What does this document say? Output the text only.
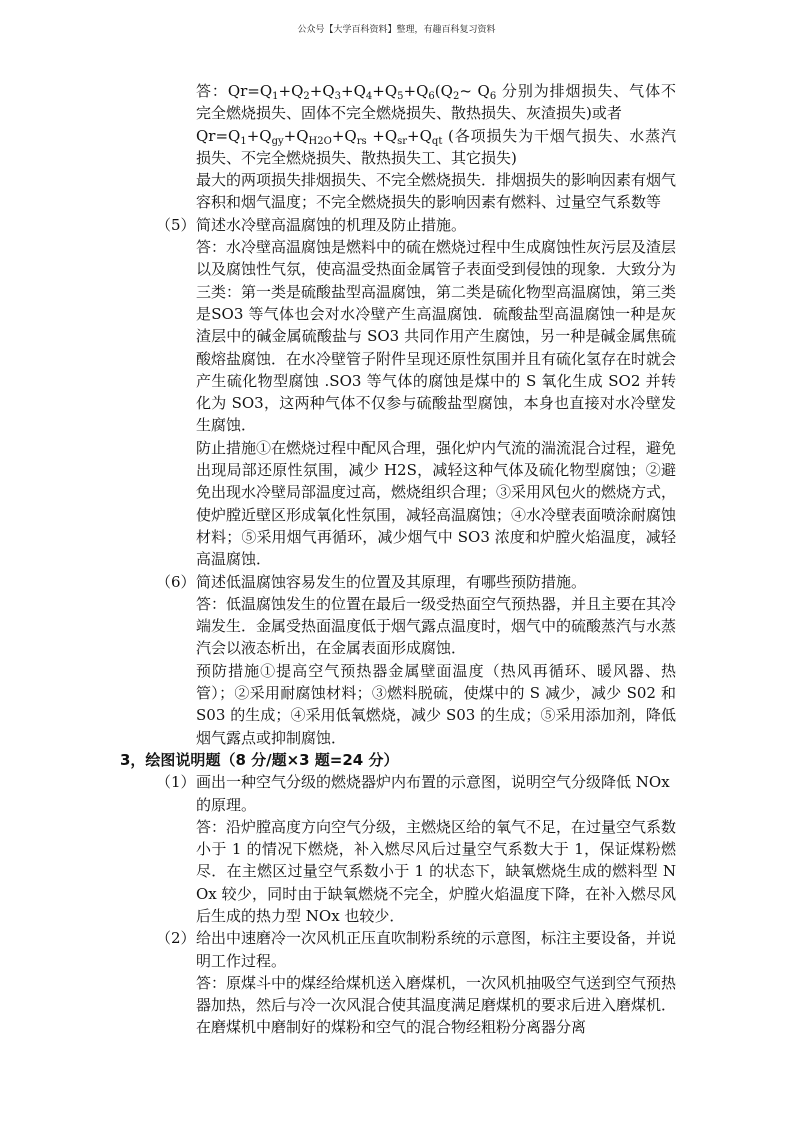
公众号【大学百科资料】整理，有趣百科复习资料
答：$Qr=Q_1+Q_2+Q_3+Q_4+Q_5+Q_6(Q_2\sim$ $Q_6$ 分别为排烟损失、气体不完全燃烧损失、固体不完全燃烧损失、散热损失、灰渣损失)或者
$Qr=Q_1+Q_{gy}+Q_{H2O}+Q_{rs} +Q_{sr}+Q_{qt}$ (各项损失为干烟气损失、水蒸汽损失、不完全燃烧损失、散热损失工、其它损失)
最大的两项损失排烟损失、不完全燃烧损失．排烟损失的影响因素有烟气容积和烟气温度；不完全燃烧损失的影响因素有燃料、过量空气系数等
（5） 简述水冷壁高温腐蚀的机理及防止措施。
答：水冷壁高温腐蚀是燃料中的硫在燃烧过程中生成腐蚀性灰污层及渣层以及腐蚀性气氛，使高温受热面金属管子表面受到侵蚀的现象．大致分为三类：第一类是硫酸盐型高温腐蚀，第二类是硫化物型高温腐蚀，第三类是SO3 等气体也会对水冷壁产生高温腐蚀．硫酸盐型高温腐蚀一种是灰渣层中的碱金属硫酸盐与 SO3 共同作用产生腐蚀，另一种是碱金属焦硫酸熔盐腐蚀．在水冷壁管子附件呈现还原性氛围并且有硫化氢存在时就会产生硫化物型腐蚀 .SO3 等气体的腐蚀是煤中的 S 氧化生成 SO2 并转化为 SO3，这两种气体不仅参与硫酸盐型腐蚀，本身也直接对水冷壁发生腐蚀．
防止措施①在燃烧过程中配风合理，强化炉内气流的湍流混合过程，避免出现局部还原性氛围，减少 H2S，减轻这种气体及硫化物型腐蚀；②避免出现水冷壁局部温度过高，燃烧组织合理；③采用风包火的燃烧方式，使炉膛近壁区形成氧化性氛围，减轻高温腐蚀；④水冷壁表面喷涂耐腐蚀材料；⑤采用烟气再循环，减少烟气中 SO3 浓度和炉膛火焰温度，减轻高温腐蚀．
（6） 简述低温腐蚀容易发生的位置及其原理，有哪些预防措施。
答：低温腐蚀发生的位置在最后一级受热面空气预热器，并且主要在其冷端发生．金属受热面温度低于烟气露点温度时，烟气中的硫酸蒸汽与水蒸汽会以液态析出，在金属表面形成腐蚀．
预防措施①提高空气预热器金属壁面温度（热风再循环、暖风器、热管）；②采用耐腐蚀材料；③燃料脱硫，使煤中的 S 减少，减少 S02 和 S03 的生成；④采用低氧燃烧，减少 S03 的生成；⑤采用添加剂，降低烟气露点或抑制腐蚀．
3，绘图说明题（8 分/题×3 题=24 分）
（1） 画出一种空气分级的燃烧器炉内布置的示意图，说明空气分级降低 NOx 的原理。
答：沿炉膛高度方向空气分级，主燃烧区给的氧气不足，在过量空气系数小于 1 的情况下燃烧，补入燃尽风后过量空气系数大于 1，保证煤粉燃尽．在主燃区过量空气系数小于 1 的状态下，缺氧燃烧生成的燃料型 NOx 较少，同时由于缺氧燃烧不完全，炉膛火焰温度下降，在补入燃尽风后生成的热力型 NOx 也较少．
（2） 给出中速磨冷一次风机正压直吹制粉系统的示意图，标注主要设备，并说明工作过程。
答：原煤斗中的煤经给煤机送入磨煤机，一次风机抽吸空气送到空气预热器加热，然后与冷一次风混合使其温度满足磨煤机的要求后进入磨煤机．在磨煤机中磨制好的煤粉和空气的混合物经粗粉分离器分离
